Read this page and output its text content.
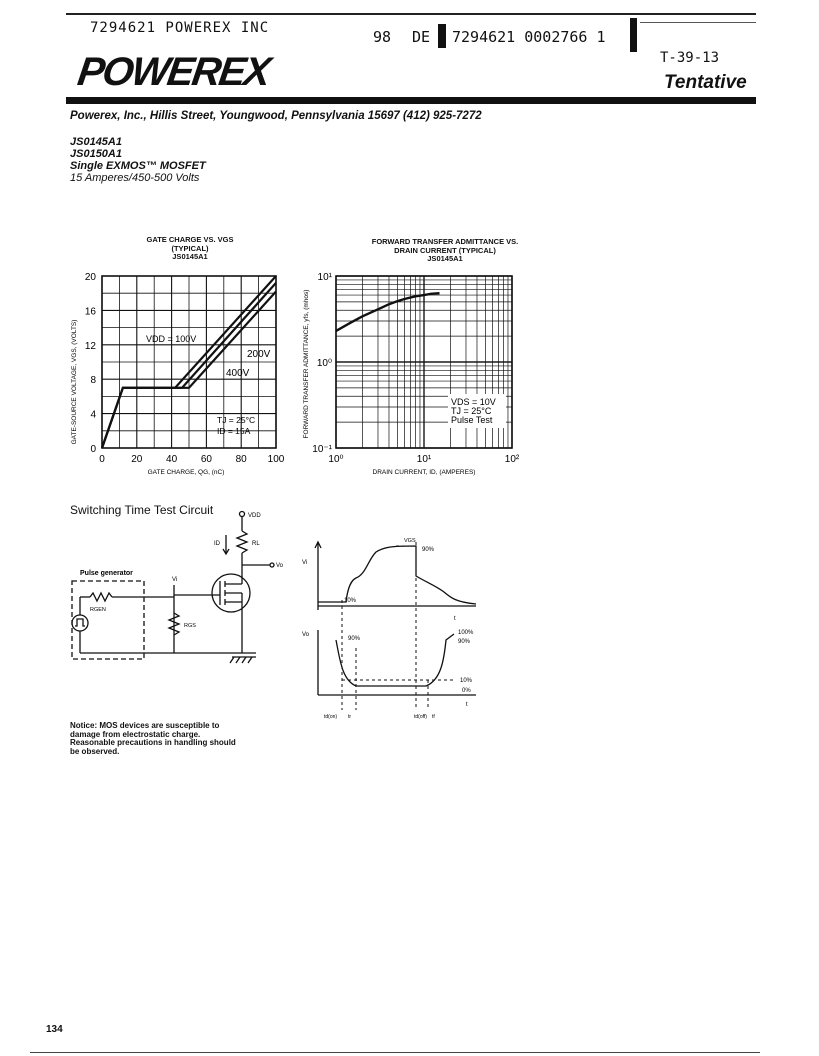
7294621 POWEREX INC	98 DE 7294621 0002766 1
T-39-13
POWEREX	Tentative
Powerex, Inc., Hillis Street, Youngwood, Pennsylvania 15697 (412) 925-7272
JS0145A1
JS0150A1
Single EXMOS™ MOSFET
15 Amperes/450-500 Volts
GATE CHARGE VS. VGS
(TYPICAL)
JS0145A1
FORWARD TRANSFER ADMITTANCE VS.
DRAIN CURRENT (TYPICAL)
JS0145A1
0	20 40 60 80 100
0
4
8
12
16
20
GATE-SOURCE VOLTAGE, VGS, (VOLTS)
GATE CHARGE, QG, (nC)
VDD = 100V
200V
400V
TJ = 25°C
ID = 15A
10⁰	10¹	10²
10¹
10⁰
10⁻¹
FORWARD TRANSFER ADMITTANCE, yfs, (mhos)
DRAIN CURRENT, ID, (AMPERES)
VDS = 10V
TJ = 25°C
Pulse Test
Switching Time Test Circuit	VDD
ID	RL
Vo
Pulse generator
Vi
RGEN
RGS
VGS
90%
10%
Vi
t
Vo
90%
100%
90%
10%
0%
t
td(on) tr	td(off) tf
Notice: MOS devices are susceptible to
damage from electrostatic charge.
Reasonable precautions in handling should
be observed.
134
